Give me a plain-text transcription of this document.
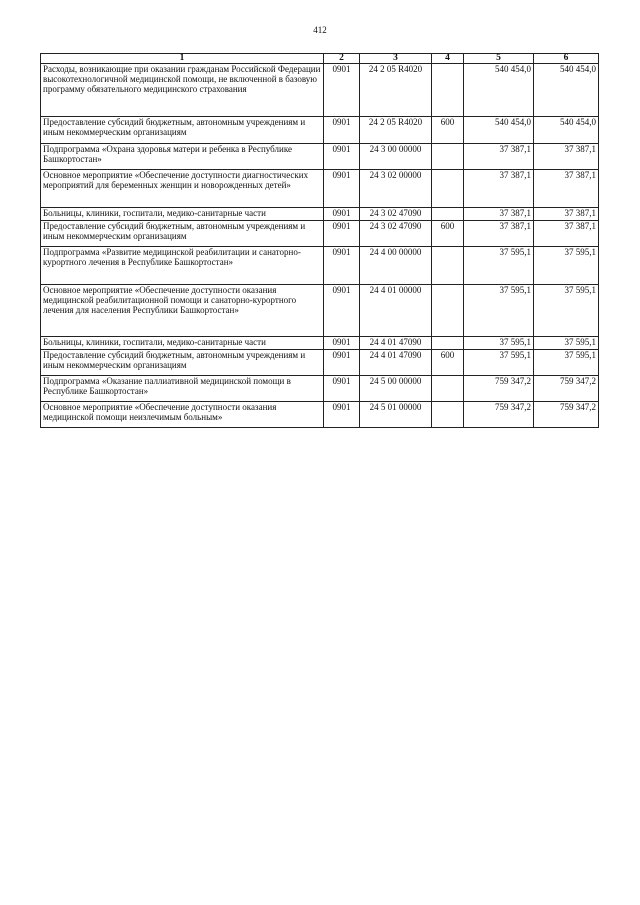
412
1	2	3	4	5	6
Расходы, возникающие при оказании гражданам Российской Федерации высокотехнологичной медицинской помощи, не включенной в базовую программу обязательного медицинского страхования	0901	24 2 05 R4020		540 454,0	540 454,0
Предоставление субсидий бюджетным, автономным учреждениям и иным некоммерческим организациям	0901	24 2 05 R4020	600	540 454,0	540 454,0
Подпрограмма «Охрана здоровья матери и ребенка в Республике Башкортостан»	0901	24 3 00 00000		37 387,1	37 387,1
Основное мероприятие «Обеспечение доступности диагностических мероприятий для беременных женщин и новорожденных детей»	0901	24 3 02 00000		37 387,1	37 387,1
Больницы, клиники, госпитали, медико-санитарные части	0901	24 3 02 47090		37 387,1	37 387,1
Предоставление субсидий бюджетным, автономным учреждениям и иным некоммерческим организациям	0901	24 3 02 47090	600	37 387,1	37 387,1
Подпрограмма «Развитие медицинской реабилитации и санаторно-курортного лечения в Республике Башкортостан»	0901	24 4 00 00000		37 595,1	37 595,1
Основное мероприятие «Обеспечение доступности оказания медицинской реабилитационной помощи и санаторно-курортного лечения для населения Республики Башкортостан»	0901	24 4 01 00000		37 595,1	37 595,1
Больницы, клиники, госпитали, медико-санитарные части	0901	24 4 01 47090		37 595,1	37 595,1
Предоставление субсидий бюджетным, автономным учреждениям и иным некоммерческим организациям	0901	24 4 01 47090	600	37 595,1	37 595,1
Подпрограмма «Оказание паллиативной медицинской помощи в Республике Башкортостан»	0901	24 5 00 00000		759 347,2	759 347,2
Основное мероприятие «Обеспечение доступности оказания медицинской помощи неизлечимым больным»	0901	24 5 01 00000		759 347,2	759 347,2
